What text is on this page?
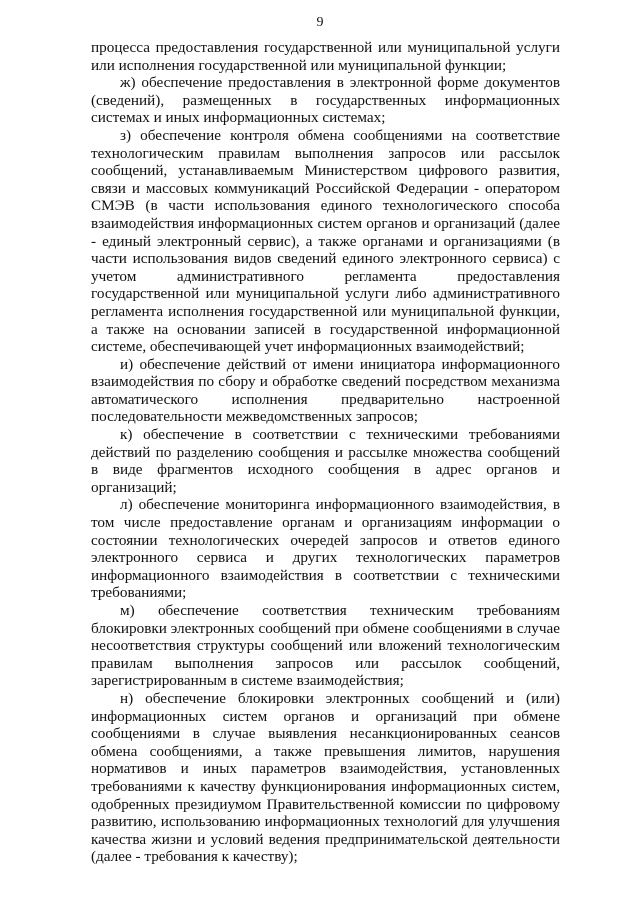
9

процесса предоставления государственной или муниципальной услуги или исполнения государственной или муниципальной функции;

ж) обеспечение предоставления в электронной форме документов (сведений), размещенных в государственных информационных системах и иных информационных системах;

з) обеспечение контроля обмена сообщениями на соответствие технологическим правилам выполнения запросов или рассылок сообщений, устанавливаемым Министерством цифрового развития, связи и массовых коммуникаций Российской Федерации - оператором СМЭВ (в части использования единого технологического способа взаимодействия информационных систем органов и организаций (далее - единый электронный сервис), а также органами и организациями (в части использования видов сведений единого электронного сервиса) с учетом административного регламента предоставления государственной или муниципальной услуги либо административного регламента исполнения государственной или муниципальной функции, а также на основании записей в государственной информационной системе, обеспечивающей учет информационных взаимодействий;

и) обеспечение действий от имени инициатора информационного взаимодействия по сбору и обработке сведений посредством механизма автоматического исполнения предварительно настроенной последовательности межведомственных запросов;

к) обеспечение в соответствии с техническими требованиями действий по разделению сообщения и рассылке множества сообщений в виде фрагментов исходного сообщения в адрес органов и организаций;

л) обеспечение мониторинга информационного взаимодействия, в том числе предоставление органам и организациям информации о состоянии технологических очередей запросов и ответов единого электронного сервиса и других технологических параметров информационного взаимодействия в соответствии с техническими требованиями;

м) обеспечение соответствия техническим требованиям блокировки электронных сообщений при обмене сообщениями в случае несоответствия структуры сообщений или вложений технологическим правилам выполнения запросов или рассылок сообщений, зарегистрированным в системе взаимодействия;

н) обеспечение блокировки электронных сообщений и (или) информационных систем органов и организаций при обмене сообщениями в случае выявления несанкционированных сеансов обмена сообщениями, а также превышения лимитов, нарушения нормативов и иных параметров взаимодействия, установленных требованиями к качеству функционирования информационных систем, одобренных президиумом Правительственной комиссии по цифровому развитию, использованию информационных технологий для улучшения качества жизни и условий ведения предпринимательской деятельности (далее - требования к качеству);
